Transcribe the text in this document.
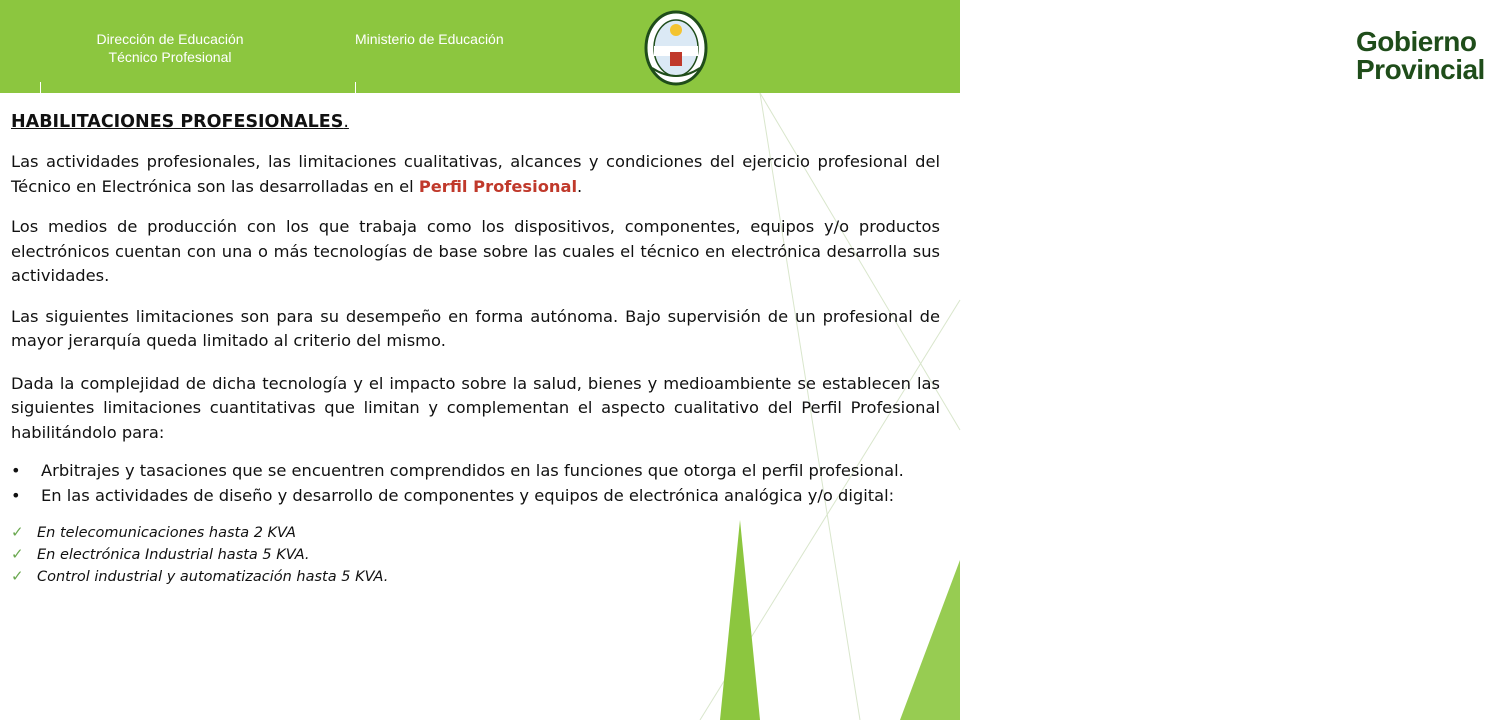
Dirección de Educación
Técnico Profesional
Ministerio de Educación	Gobierno
Provincial
HABILITACIONES PROFESIONALES.

Las actividades profesionales, las limitaciones cualitativas, alcances y condiciones del ejercicio profesional del Técnico en Electrónica son las desarrolladas en el Perfil Profesional.

Los medios de producción con los que trabaja como los dispositivos, componentes, equipos y/o productos electrónicos cuentan con una o más tecnologías de base sobre las cuales el técnico en electrónica desarrolla sus actividades.

Las siguientes limitaciones son para su desempeño en forma autónoma. Bajo supervisión de un profesional de mayor jerarquía queda limitado al criterio del mismo.

Dada la complejidad de dicha tecnología y el impacto sobre la salud, bienes y medioambiente se establecen las siguientes limitaciones cuantitativas que limitan y complementan el aspecto cualitativo del Perfil Profesional habilitándolo para:

• Arbitrajes y tasaciones que se encuentren comprendidos en las funciones que otorga el perfil profesional.
• En las actividades de diseño y desarrollo de componentes y equipos de electrónica analógica y/o digital:
✓ En telecomunicaciones hasta 2 KVA
✓ En electrónica Industrial hasta 5 KVA.
✓ Control industrial y automatización hasta 5 KVA.
